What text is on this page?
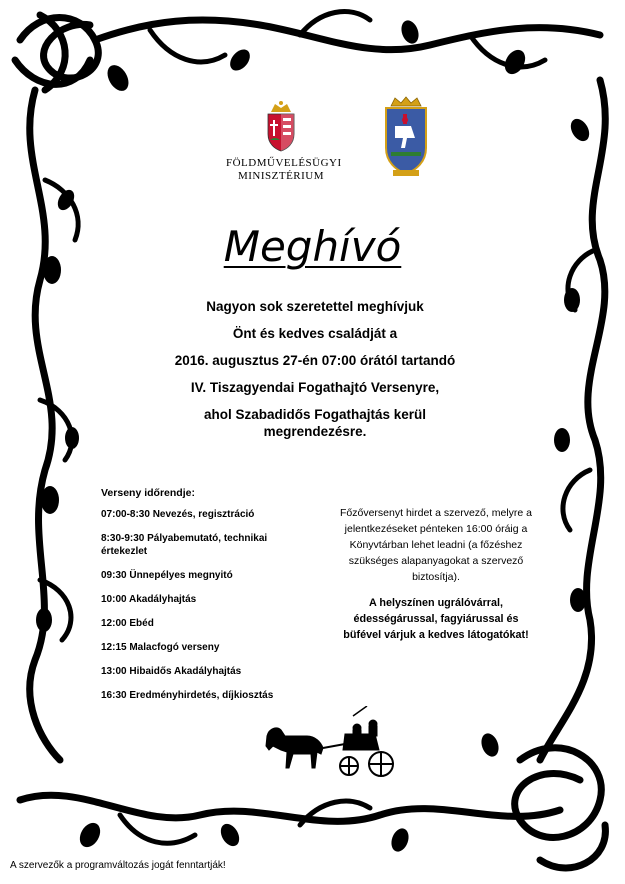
FÖLDMŰVELÉSÜGYI
MINISZTÉRIUM
Meghívó

Nagyon sok szeretettel meghívjuk

Önt és kedves családját a

2016. augusztus 27-én 07:00 órától tartandó

IV. Tiszagyendai Fogathajtó Versenyre,

ahol Szabadidős Fogathajtás kerül megrendezésre.

Verseny időrendje:
07:00-8:30 Nevezés, regisztráció
8:30-9:30 Pályabemutató, technikai értekezlet
09:30 Ünnepélyes megnyitó
10:00 Akadályhajtás
12:00 Ebéd
12:15 Malacfogó verseny
13:00 Hibaidős Akadályhajtás
16:30 Eredményhirdetés, díjkiosztás
Főzőversenyt hirdet a szervező, melyre a jelentkezéseket pénteken 16:00 óráig a Könyvtárban lehet leadni (a főzéshez szükséges alapanyagokat a szervező biztosítja).
A helyszínen ugrálóvárral, édességárussal, fagyiárussal és büfével várjuk a kedves látogatókat!
A szervezők a programváltozás jogát fenntartják!
